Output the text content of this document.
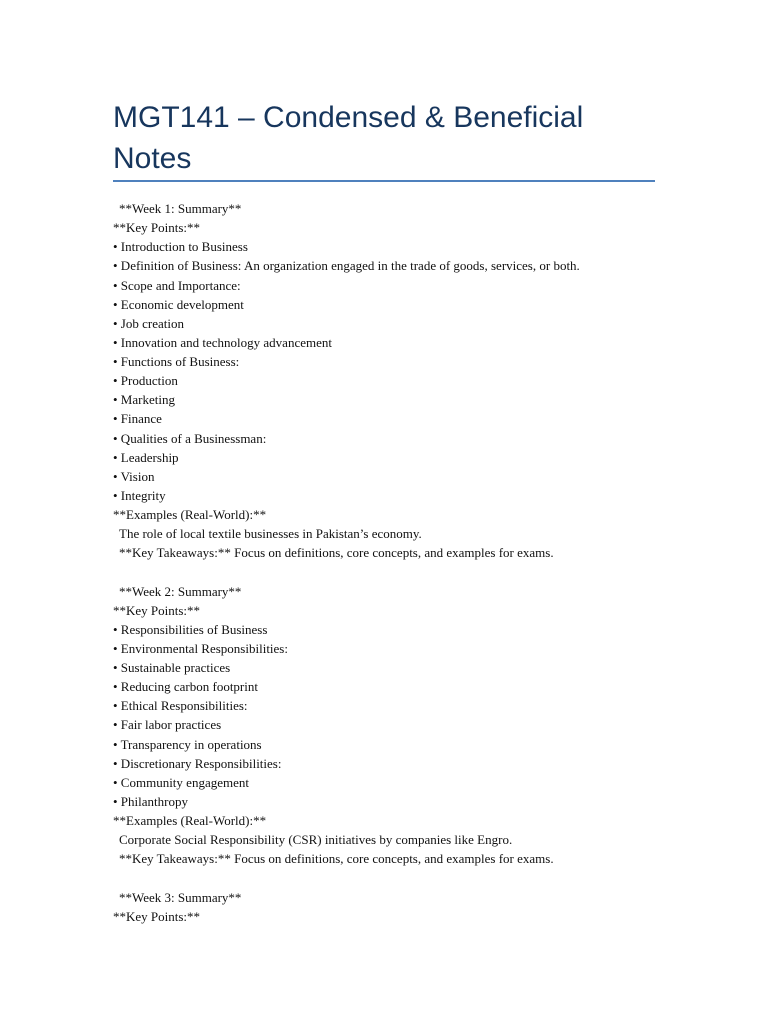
MGT141 – Condensed & Beneficial Notes
**Week 1: Summary**
**Key Points:**
• Introduction to Business
• Definition of Business: An organization engaged in the trade of goods, services, or both.
• Scope and Importance:
• Economic development
• Job creation
• Innovation and technology advancement
• Functions of Business:
• Production
• Marketing
• Finance
• Qualities of a Businessman:
• Leadership
• Vision
• Integrity
**Examples (Real-World):**
The role of local textile businesses in Pakistan’s economy.
**Key Takeaways:** Focus on definitions, core concepts, and examples for exams.
**Week 2: Summary**
**Key Points:**
• Responsibilities of Business
• Environmental Responsibilities:
• Sustainable practices
• Reducing carbon footprint
• Ethical Responsibilities:
• Fair labor practices
• Transparency in operations
• Discretionary Responsibilities:
• Community engagement
• Philanthropy
**Examples (Real-World):**
Corporate Social Responsibility (CSR) initiatives by companies like Engro.
**Key Takeaways:** Focus on definitions, core concepts, and examples for exams.
**Week 3: Summary**
**Key Points:**
